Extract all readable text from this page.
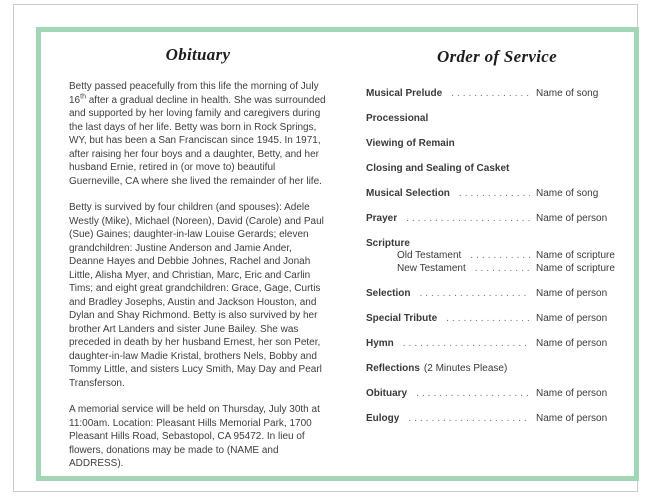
Obituary

Betty passed peacefully from this life the morning of July 16th after a gradual decline in health. She was surrounded and supported by her loving family and caregivers during the last days of her life. Betty was born in Rock Springs, WY, but has been a San Franciscan since 1945. In 1971, after raising her four boys and a daughter, Betty, and her husband Ernie, retired in (or move to) beautiful Guerneville, CA where she lived the remainder of her life.

Betty is survived by four children (and spouses): Adele Westly (Mike), Michael (Noreen), David (Carole) and Paul (Sue) Gaines; daughter-in-law Louise Gerards; eleven grandchildren: Justine Anderson and Jamie Ander, Deanne Hayes and Debbie Johnes, Rachel and Jonah Little, Alisha Myer, and Christian, Marc, Eric and Carlin Tims; and eight great grandchildren: Grace, Gage, Curtis and Bradley Josephs, Austin and Jackson Houston, and Dylan and Shay Richmond. Betty is also survived by her brother Art Landers and sister June Bailey. She was preceded in death by her husband Ernest, her son Peter, daughter-in-law Madie Kristal, brothers Nels, Bobby and Tommy Little, and sisters Lucy Smith, May Day and Pearl Transferson.

A memorial service will be held on Thursday, July 30th at 11:00am. Location: Pleasant Hills Memorial Park, 1700 Pleasant Hills Road, Sebastopol, CA 95472. In lieu of flowers, donations may be made to (NAME and ADDRESS).

Order of Service
Musical Prelude .....	Name of song
Processional
Viewing of Remain
Closing and Sealing of Casket
Musical Selection .....	Name of song
Prayer .....	Name of person
Scripture
Old Testament .....	Name of scripture
New Testament .....	Name of scripture
Selection .....	Name of person
Special Tribute .....	Name of person
Hymn .....	Name of person
Reflections (2 Minutes Please)
Obituary .....	Name of person
Eulogy .....	Name of person
